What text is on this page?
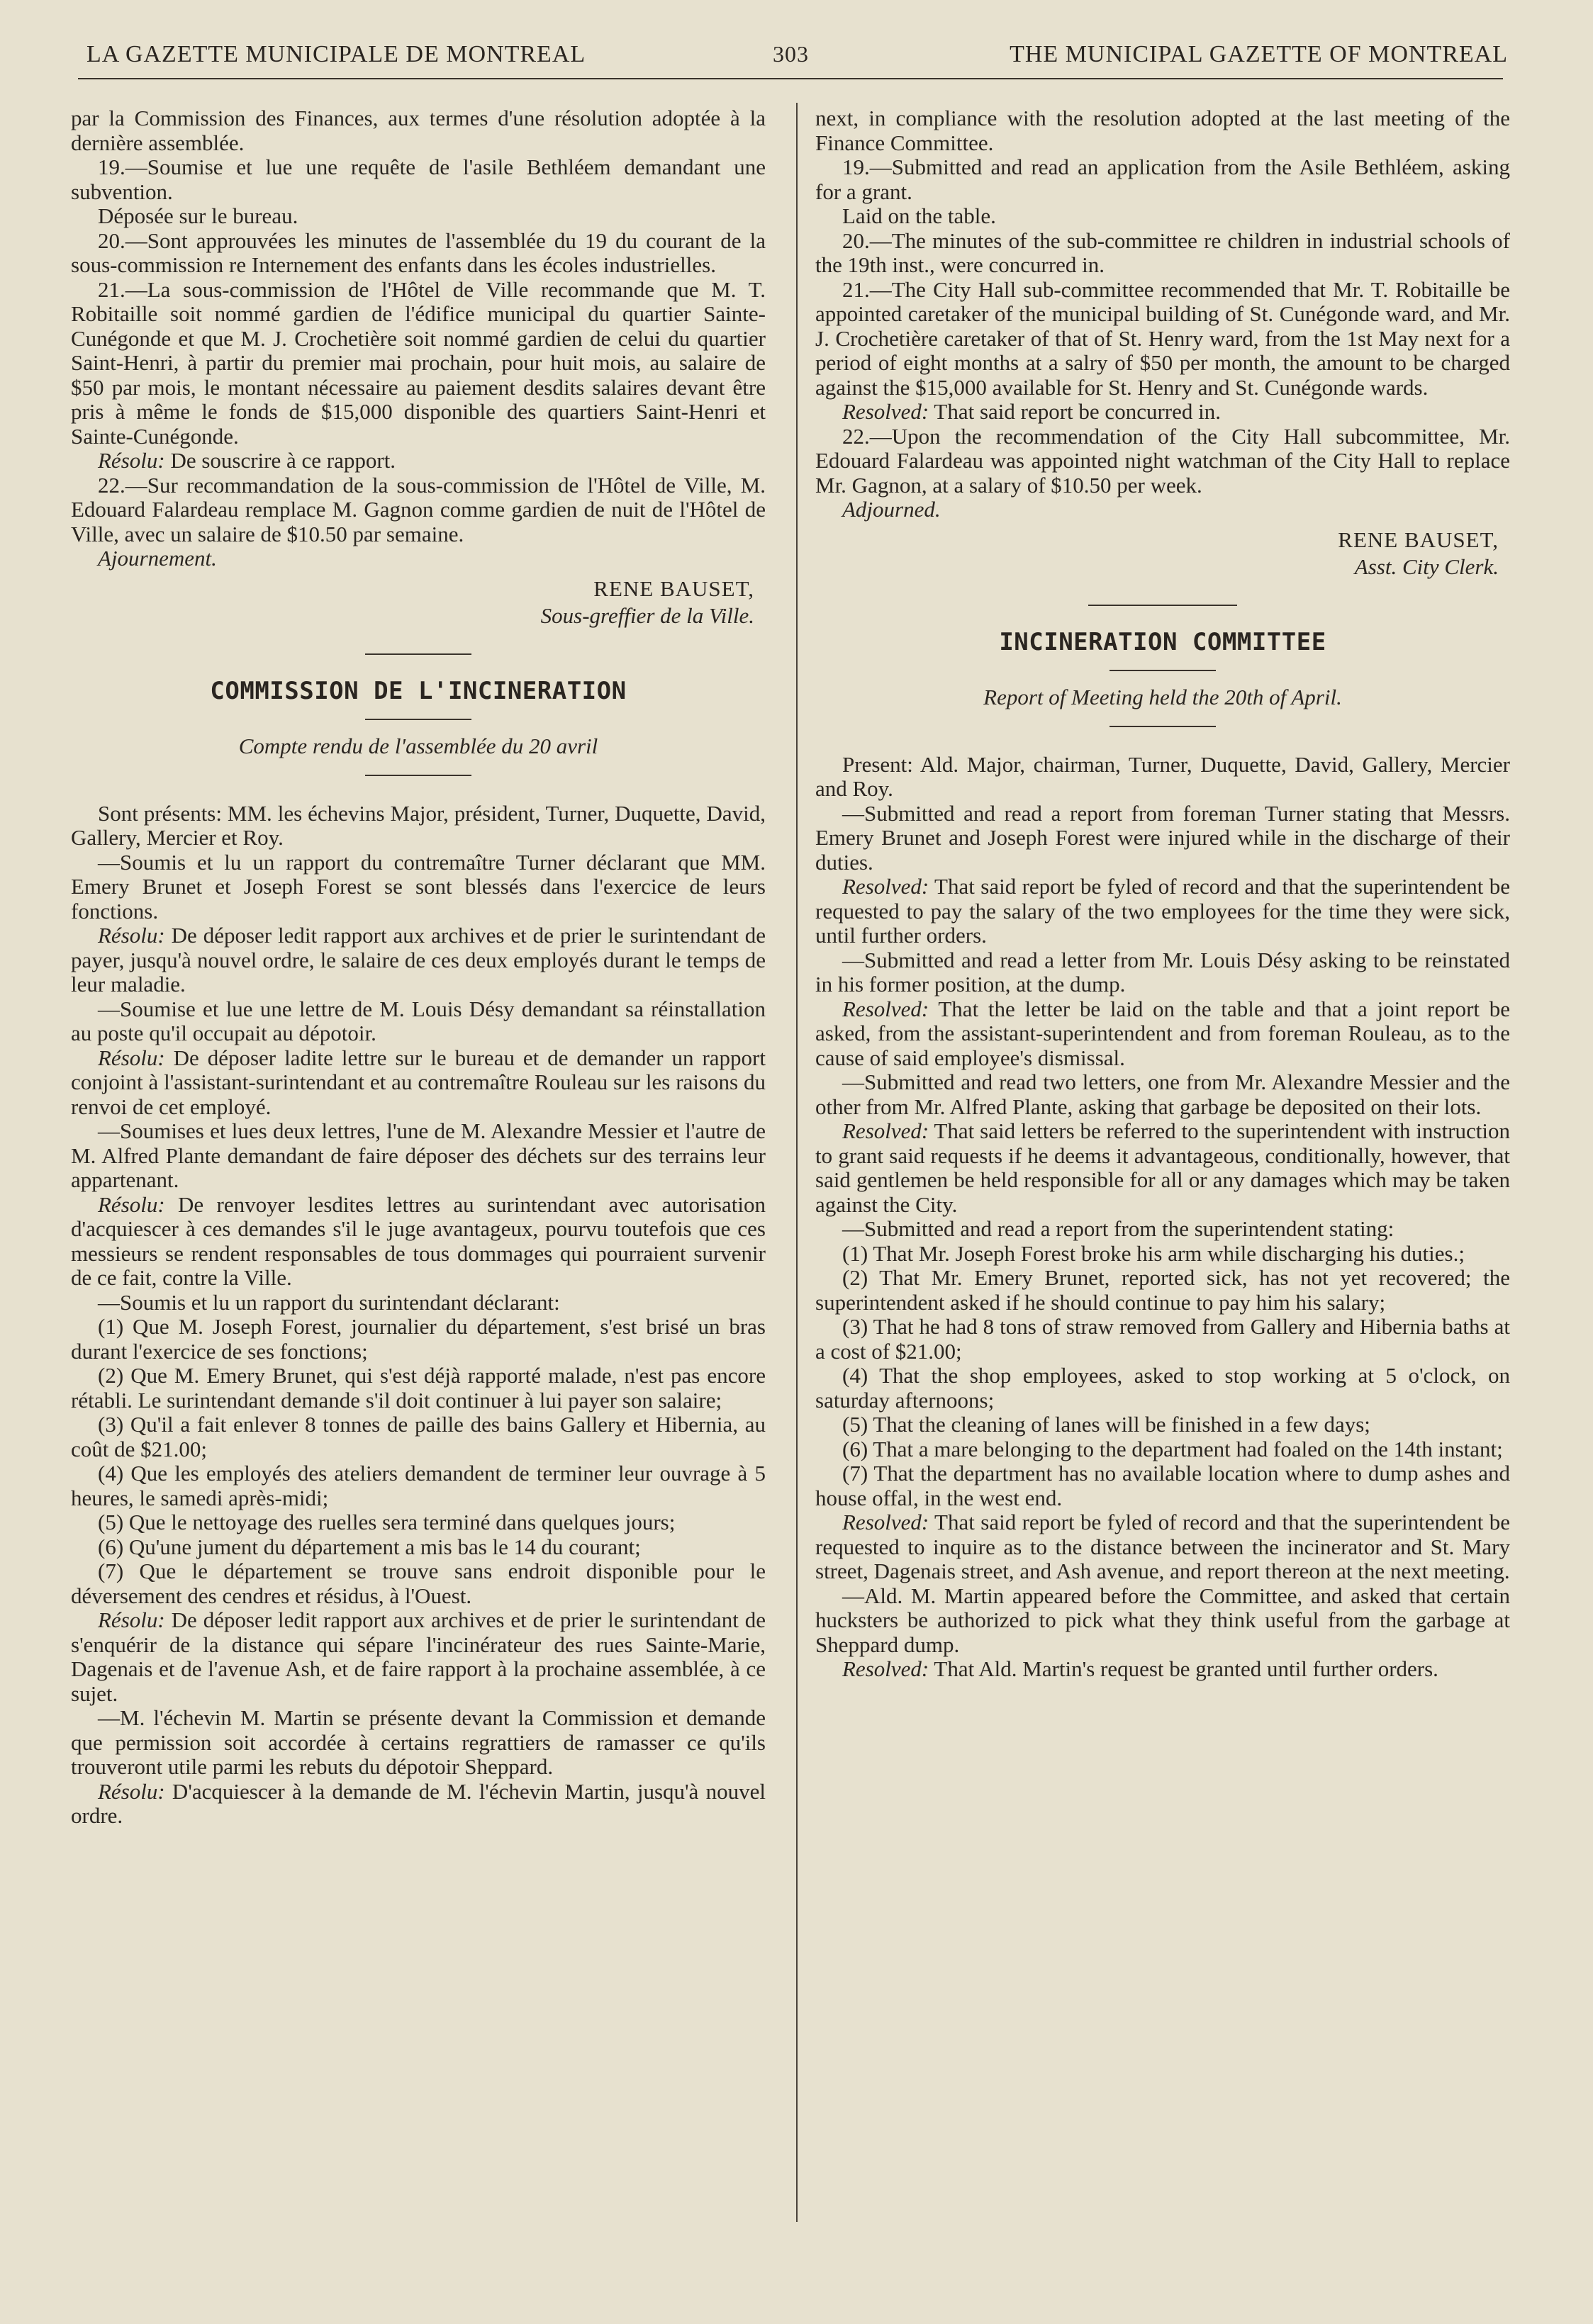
LA GAZETTE MUNICIPALE DE MONTREAL	303	THE MUNICIPAL GAZETTE OF MONTREAL

par la Commission des Finances, aux termes d'une résolution adoptée à la dernière assemblée.

19.—Soumise et lue une requête de l'asile Bethléem demandant une subvention.

Déposée sur le bureau.

20.—Sont approuvées les minutes de l'assemblée du 19 du courant de la sous-commission re Internement des enfants dans les écoles industrielles.

21.—La sous-commission de l'Hôtel de Ville recommande que M. T. Robitaille soit nommé gardien de l'édifice municipal du quartier Sainte-Cunégonde et que M. J. Crochetière soit nommé gardien de celui du quartier Saint-Henri, à partir du premier mai prochain, pour huit mois, au salaire de $50 par mois, le montant nécessaire au paiement desdits salaires devant être pris à même le fonds de $15,000 disponible des quartiers Saint-Henri et Sainte-Cunégonde.

Résolu: De souscrire à ce rapport.

22.—Sur recommandation de la sous-commission de l'Hôtel de Ville, M. Edouard Falardeau remplace M. Gagnon comme gardien de nuit de l'Hôtel de Ville, avec un salaire de $10.50 par semaine.

Ajournement.

RENE BAUSET,
Sous-greffier de la Ville.
COMMISSION DE L'INCINERATION
Compte rendu de l'assemblée du 20 avril

Sont présents: MM. les échevins Major, président, Turner, Duquette, David, Gallery, Mercier et Roy.

—Soumis et lu un rapport du contremaître Turner déclarant que MM. Emery Brunet et Joseph Forest se sont blessés dans l'exercice de leurs fonctions.

Résolu: De déposer ledit rapport aux archives et de prier le surintendant de payer, jusqu'à nouvel ordre, le salaire de ces deux employés durant le temps de leur maladie.

—Soumise et lue une lettre de M. Louis Désy demandant sa réinstallation au poste qu'il occupait au dépotoir.

Résolu: De déposer ladite lettre sur le bureau et de demander un rapport conjoint à l'assistant-surintendant et au contremaître Rouleau sur les raisons du renvoi de cet employé.

—Soumises et lues deux lettres, l'une de M. Alexandre Messier et l'autre de M. Alfred Plante demandant de faire déposer des déchets sur des terrains leur appartenant.

Résolu: De renvoyer lesdites lettres au surintendant avec autorisation d'acquiescer à ces demandes s'il le juge avantageux, pourvu toutefois que ces messieurs se rendent responsables de tous dommages qui pourraient survenir de ce fait, contre la Ville.

—Soumis et lu un rapport du surintendant déclarant:

(1) Que M. Joseph Forest, journalier du département, s'est brisé un bras durant l'exercice de ses fonctions;

(2) Que M. Emery Brunet, qui s'est déjà rapporté malade, n'est pas encore rétabli. Le surintendant demande s'il doit continuer à lui payer son salaire;

(3) Qu'il a fait enlever 8 tonnes de paille des bains Gallery et Hibernia, au coût de $21.00;

(4) Que les employés des ateliers demandent de terminer leur ouvrage à 5 heures, le samedi après-midi;

(5) Que le nettoyage des ruelles sera terminé dans quelques jours;

(6) Qu'une jument du département a mis bas le 14 du courant;

(7) Que le département se trouve sans endroit disponible pour le déversement des cendres et résidus, à l'Ouest.

Résolu: De déposer ledit rapport aux archives et de prier le surintendant de s'enquérir de la distance qui sépare l'incinérateur des rues Sainte-Marie, Dagenais et de l'avenue Ash, et de faire rapport à la prochaine assemblée, à ce sujet.

—M. l'échevin M. Martin se présente devant la Commission et demande que permission soit accordée à certains regrattiers de ramasser ce qu'ils trouveront utile parmi les rebuts du dépotoir Sheppard.

Résolu: D'acquiescer à la demande de M. l'échevin Martin, jusqu'à nouvel ordre.

next, in compliance with the resolution adopted at the last meeting of the Finance Committee.

19.—Submitted and read an application from the Asile Bethléem, asking for a grant.

Laid on the table.

20.—The minutes of the sub-committee re children in industrial schools of the 19th inst., were concurred in.

21.—The City Hall sub-committee recommended that Mr. T. Robitaille be appointed caretaker of the municipal building of St. Cunégonde ward, and Mr. J. Crochetière caretaker of that of St. Henry ward, from the 1st May next for a period of eight months at a salry of $50 per month, the amount to be charged against the $15,000 available for St. Henry and St. Cunégonde wards.

Resolved: That said report be concurred in.

22.—Upon the recommendation of the City Hall subcommittee, Mr. Edouard Falardeau was appointed night watchman of the City Hall to replace Mr. Gagnon, at a salary of $10.50 per week.

Adjourned.

RENE BAUSET,
Asst. City Clerk.
INCINERATION COMMITTEE
Report of Meeting held the 20th of April.

Present: Ald. Major, chairman, Turner, Duquette, David, Gallery, Mercier and Roy.

—Submitted and read a report from foreman Turner stating that Messrs. Emery Brunet and Joseph Forest were injured while in the discharge of their duties.

Resolved: That said report be fyled of record and that the superintendent be requested to pay the salary of the two employees for the time they were sick, until further orders.

—Submitted and read a letter from Mr. Louis Désy asking to be reinstated in his former position, at the dump.

Resolved: That the letter be laid on the table and that a joint report be asked, from the assistant-superintendent and from foreman Rouleau, as to the cause of said employee's dismissal.

—Submitted and read two letters, one from Mr. Alexandre Messier and the other from Mr. Alfred Plante, asking that garbage be deposited on their lots.

Resolved: That said letters be referred to the superintendent with instruction to grant said requests if he deems it advantageous, conditionally, however, that said gentlemen be held responsible for all or any damages which may be taken against the City.

—Submitted and read a report from the superintendent stating:

(1) That Mr. Joseph Forest broke his arm while discharging his duties.;

(2) That Mr. Emery Brunet, reported sick, has not yet recovered; the superintendent asked if he should continue to pay him his salary;

(3) That he had 8 tons of straw removed from Gallery and Hibernia baths at a cost of $21.00;

(4) That the shop employees, asked to stop working at 5 o'clock, on saturday afternoons;

(5) That the cleaning of lanes will be finished in a few days;

(6) That a mare belonging to the department had foaled on the 14th instant;

(7) That the department has no available location where to dump ashes and house offal, in the west end.

Resolved: That said report be fyled of record and that the superintendent be requested to inquire as to the distance between the incinerator and St. Mary street, Dagenais street, and Ash avenue, and report thereon at the next meeting.

—Ald. M. Martin appeared before the Committee, and asked that certain hucksters be authorized to pick what they think useful from the garbage at Sheppard dump.

Resolved: That Ald. Martin's request be granted until further orders.
